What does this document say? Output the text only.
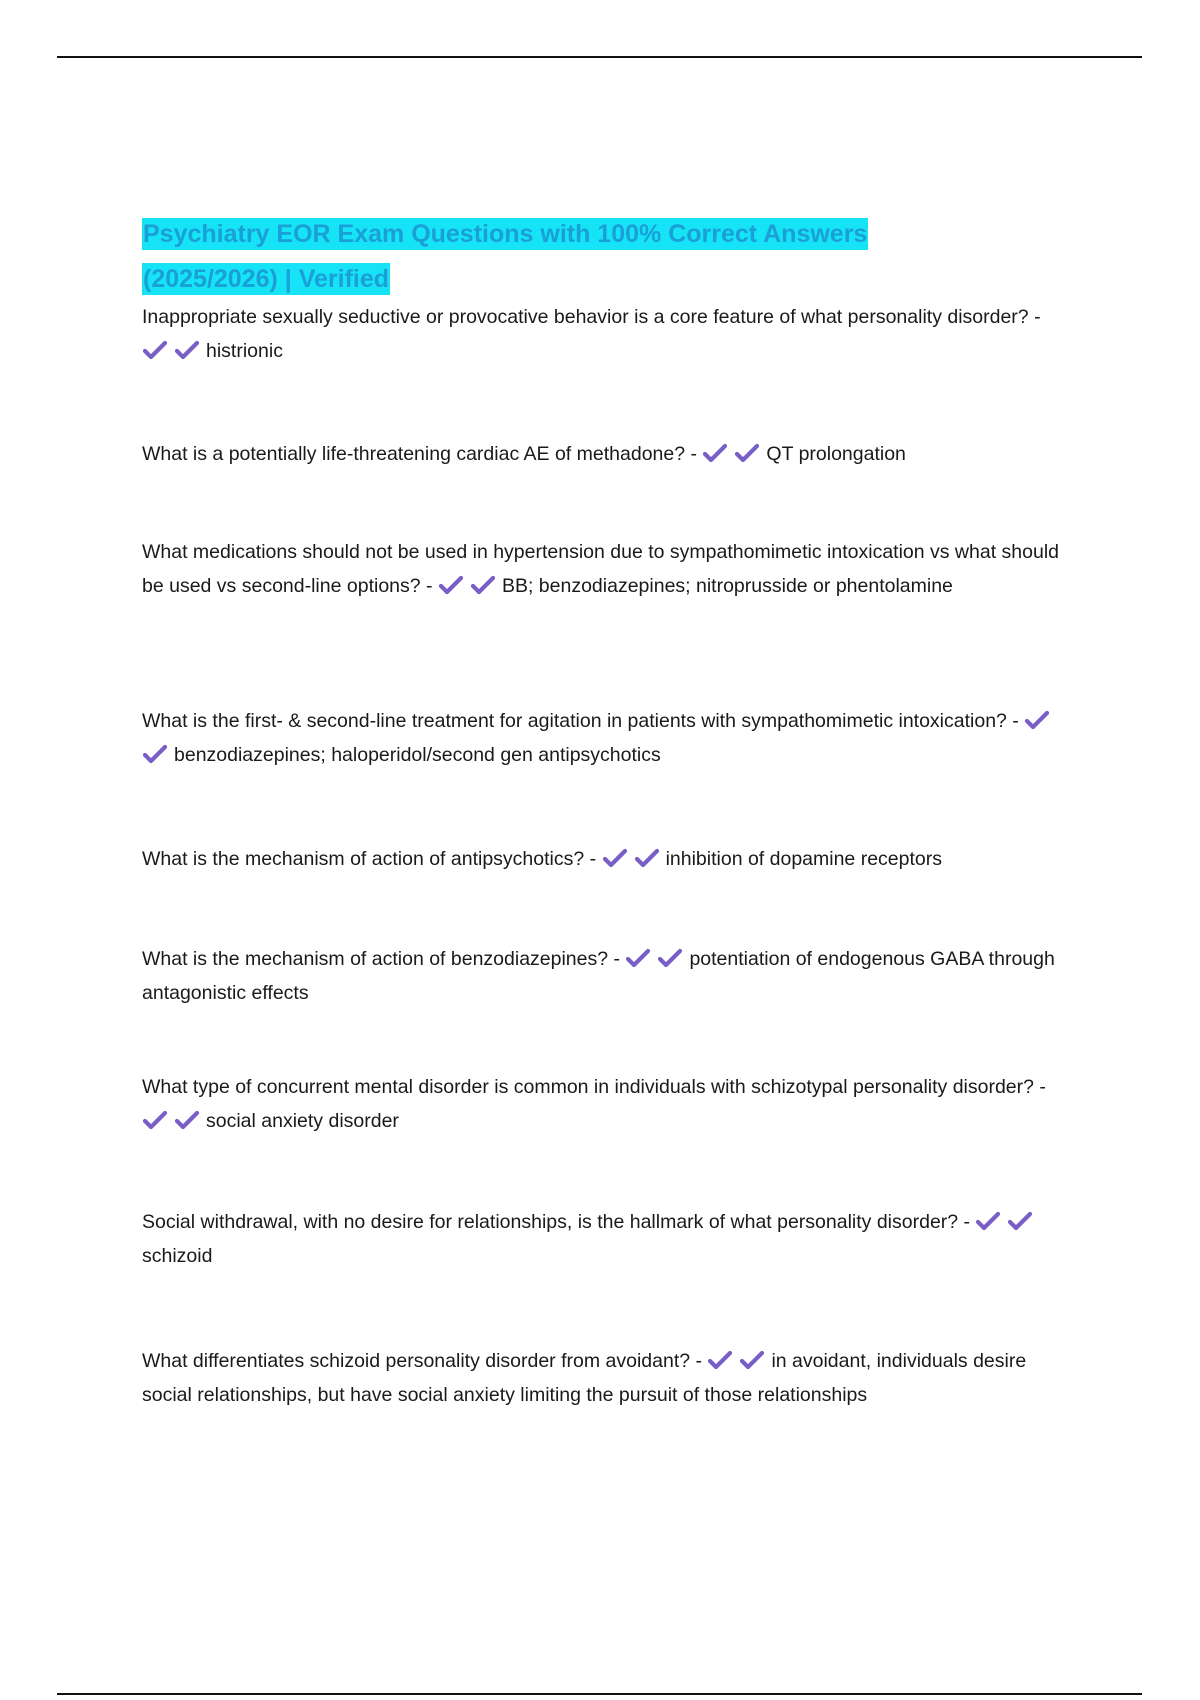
Psychiatry EOR Exam Questions with 100% Correct Answers (2025/2026) | Verified

Inappropriate sexually seductive or provocative behavior is a core feature of what personality disorder? -
histrionic

What is a potentially life-threatening cardiac AE of methadone? -	QT prolongation

What medications should not be used in hypertension due to sympathomimetic intoxication vs what should be used vs second-line options? -	BB; benzodiazepines; nitroprusside or phentolamine

What is the first- & second-line treatment for agitation in patients with sympathomimetic intoxication? -
benzodiazepines; haloperidol/second gen antipsychotics

What is the mechanism of action of antipsychotics? -	inhibition of dopamine receptors

What is the mechanism of action of benzodiazepines? -	potentiation of endogenous GABA through antagonistic effects

What type of concurrent mental disorder is common in individuals with schizotypal personality disorder? -
social anxiety disorder

Social withdrawal, with no desire for relationships, is the hallmark of what personality disorder? -
schizoid

What differentiates schizoid personality disorder from avoidant? -	in avoidant, individuals desire social relationships, but have social anxiety limiting the pursuit of those relationships
